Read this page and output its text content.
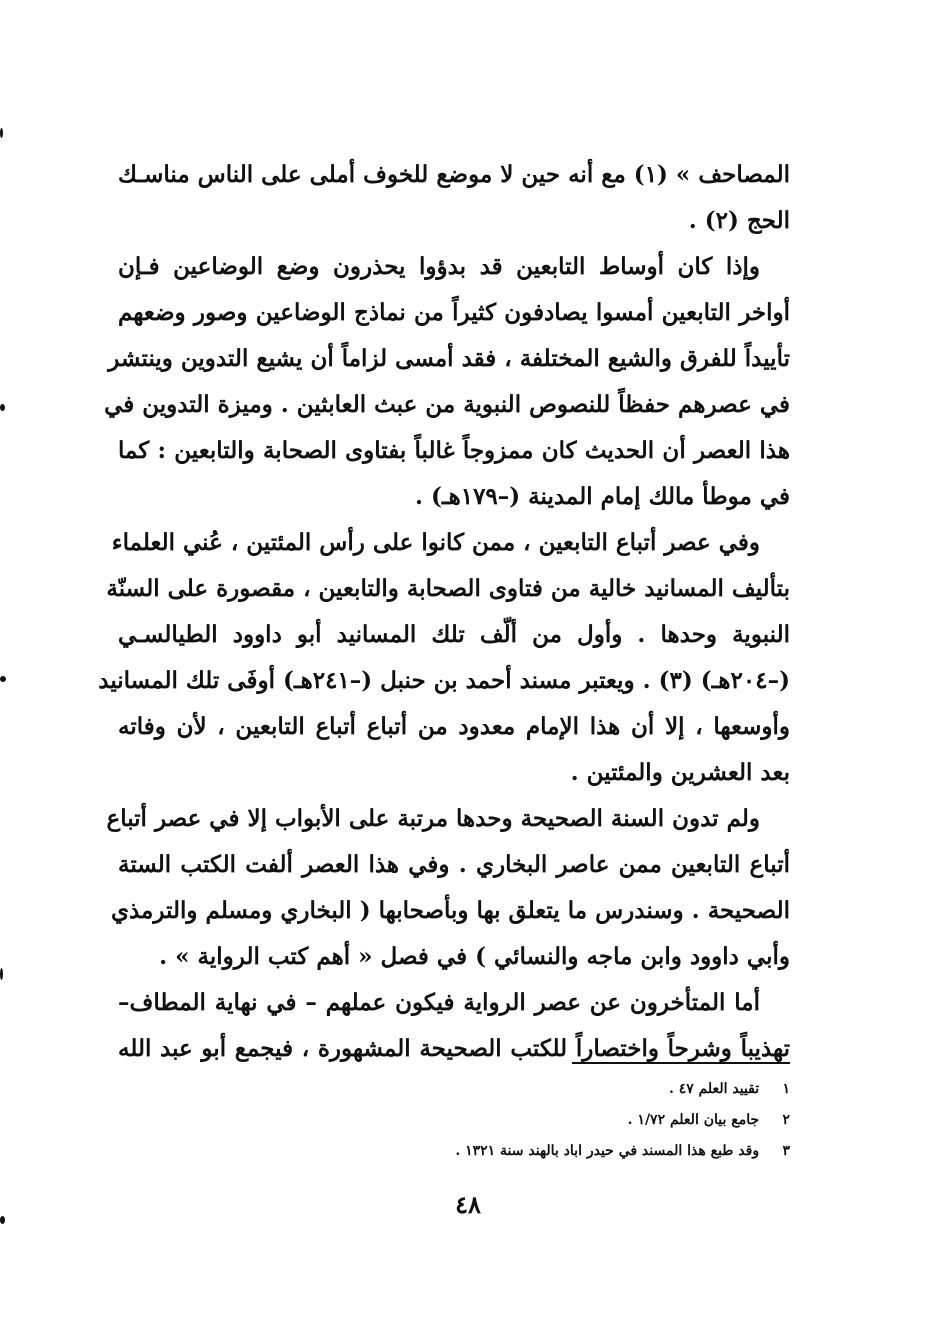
المصاحف » (١) مع أنه حين لا موضع للخوف أملى على الناس مناسـك
الحج (٢) .
وإذا كان أوساط التابعين قد بدؤوا يحذرون وضع الوضاعين فـإن
أواخر التابعين أمسوا يصادفون كثيراً من نماذج الوضاعين وصور وضعهم
تأييداً للفرق والشيع المختلفة ، فقد أمسى لزاماً أن يشيع التدوين وينتشر
في عصرهم حفظاً للنصوص النبوية من عبث العابثين . وميزة التدوين في
هذا العصر أن الحديث كان ممزوجاً غالباً بفتاوى الصحابة والتابعين : كما
في موطأ مالك إمام المدينة (–١٧٩هـ) .
وفي عصر أتباع التابعين ، ممن كانوا على رأس المئتين ، عُني العلماء
بتأليف المسانيد خالية من فتاوى الصحابة والتابعين ، مقصورة على السنّة
النبوية وحدها . وأول من ألّف تلك المسانيد أبو داوود الطيالسـي
(–٢٠٤هـ) (٣) . ويعتبر مسند أحمد بن حنبل (–٢٤١هـ) أوفَى تلك المسانيد
وأوسعها ، إلا أن هذا الإمام معدود من أتباع أتباع التابعين ، لأن وفاته
بعد العشرين والمئتين .
ولم تدون السنة الصحيحة وحدها مرتبة على الأبواب إلا في عصر أتباع
أتباع التابعين ممن عاصر البخاري . وفي هذا العصر ألفت الكتب الستة
الصحيحة . وسندرس ما يتعلق بها وبأصحابها ( البخاري ومسلم والترمذي
وأبي داوود وابن ماجه والنسائي ) في فصل « أهم كتب الرواية » .
أما المتأخرون عن عصر الرواية فيكون عملهم – في نهاية المطاف–
تهذيباً وشرحاً واختصاراً للكتب الصحيحة المشهورة ، فيجمع أبو عبد الله
١ تقييد العلم ٤٧ .
٢ جامع بيان العلم ١/٧٢ .
٣ وقد طبع هذا المسند في حيدر اباد بالهند سنة ١٣٢١ .
٤٨
